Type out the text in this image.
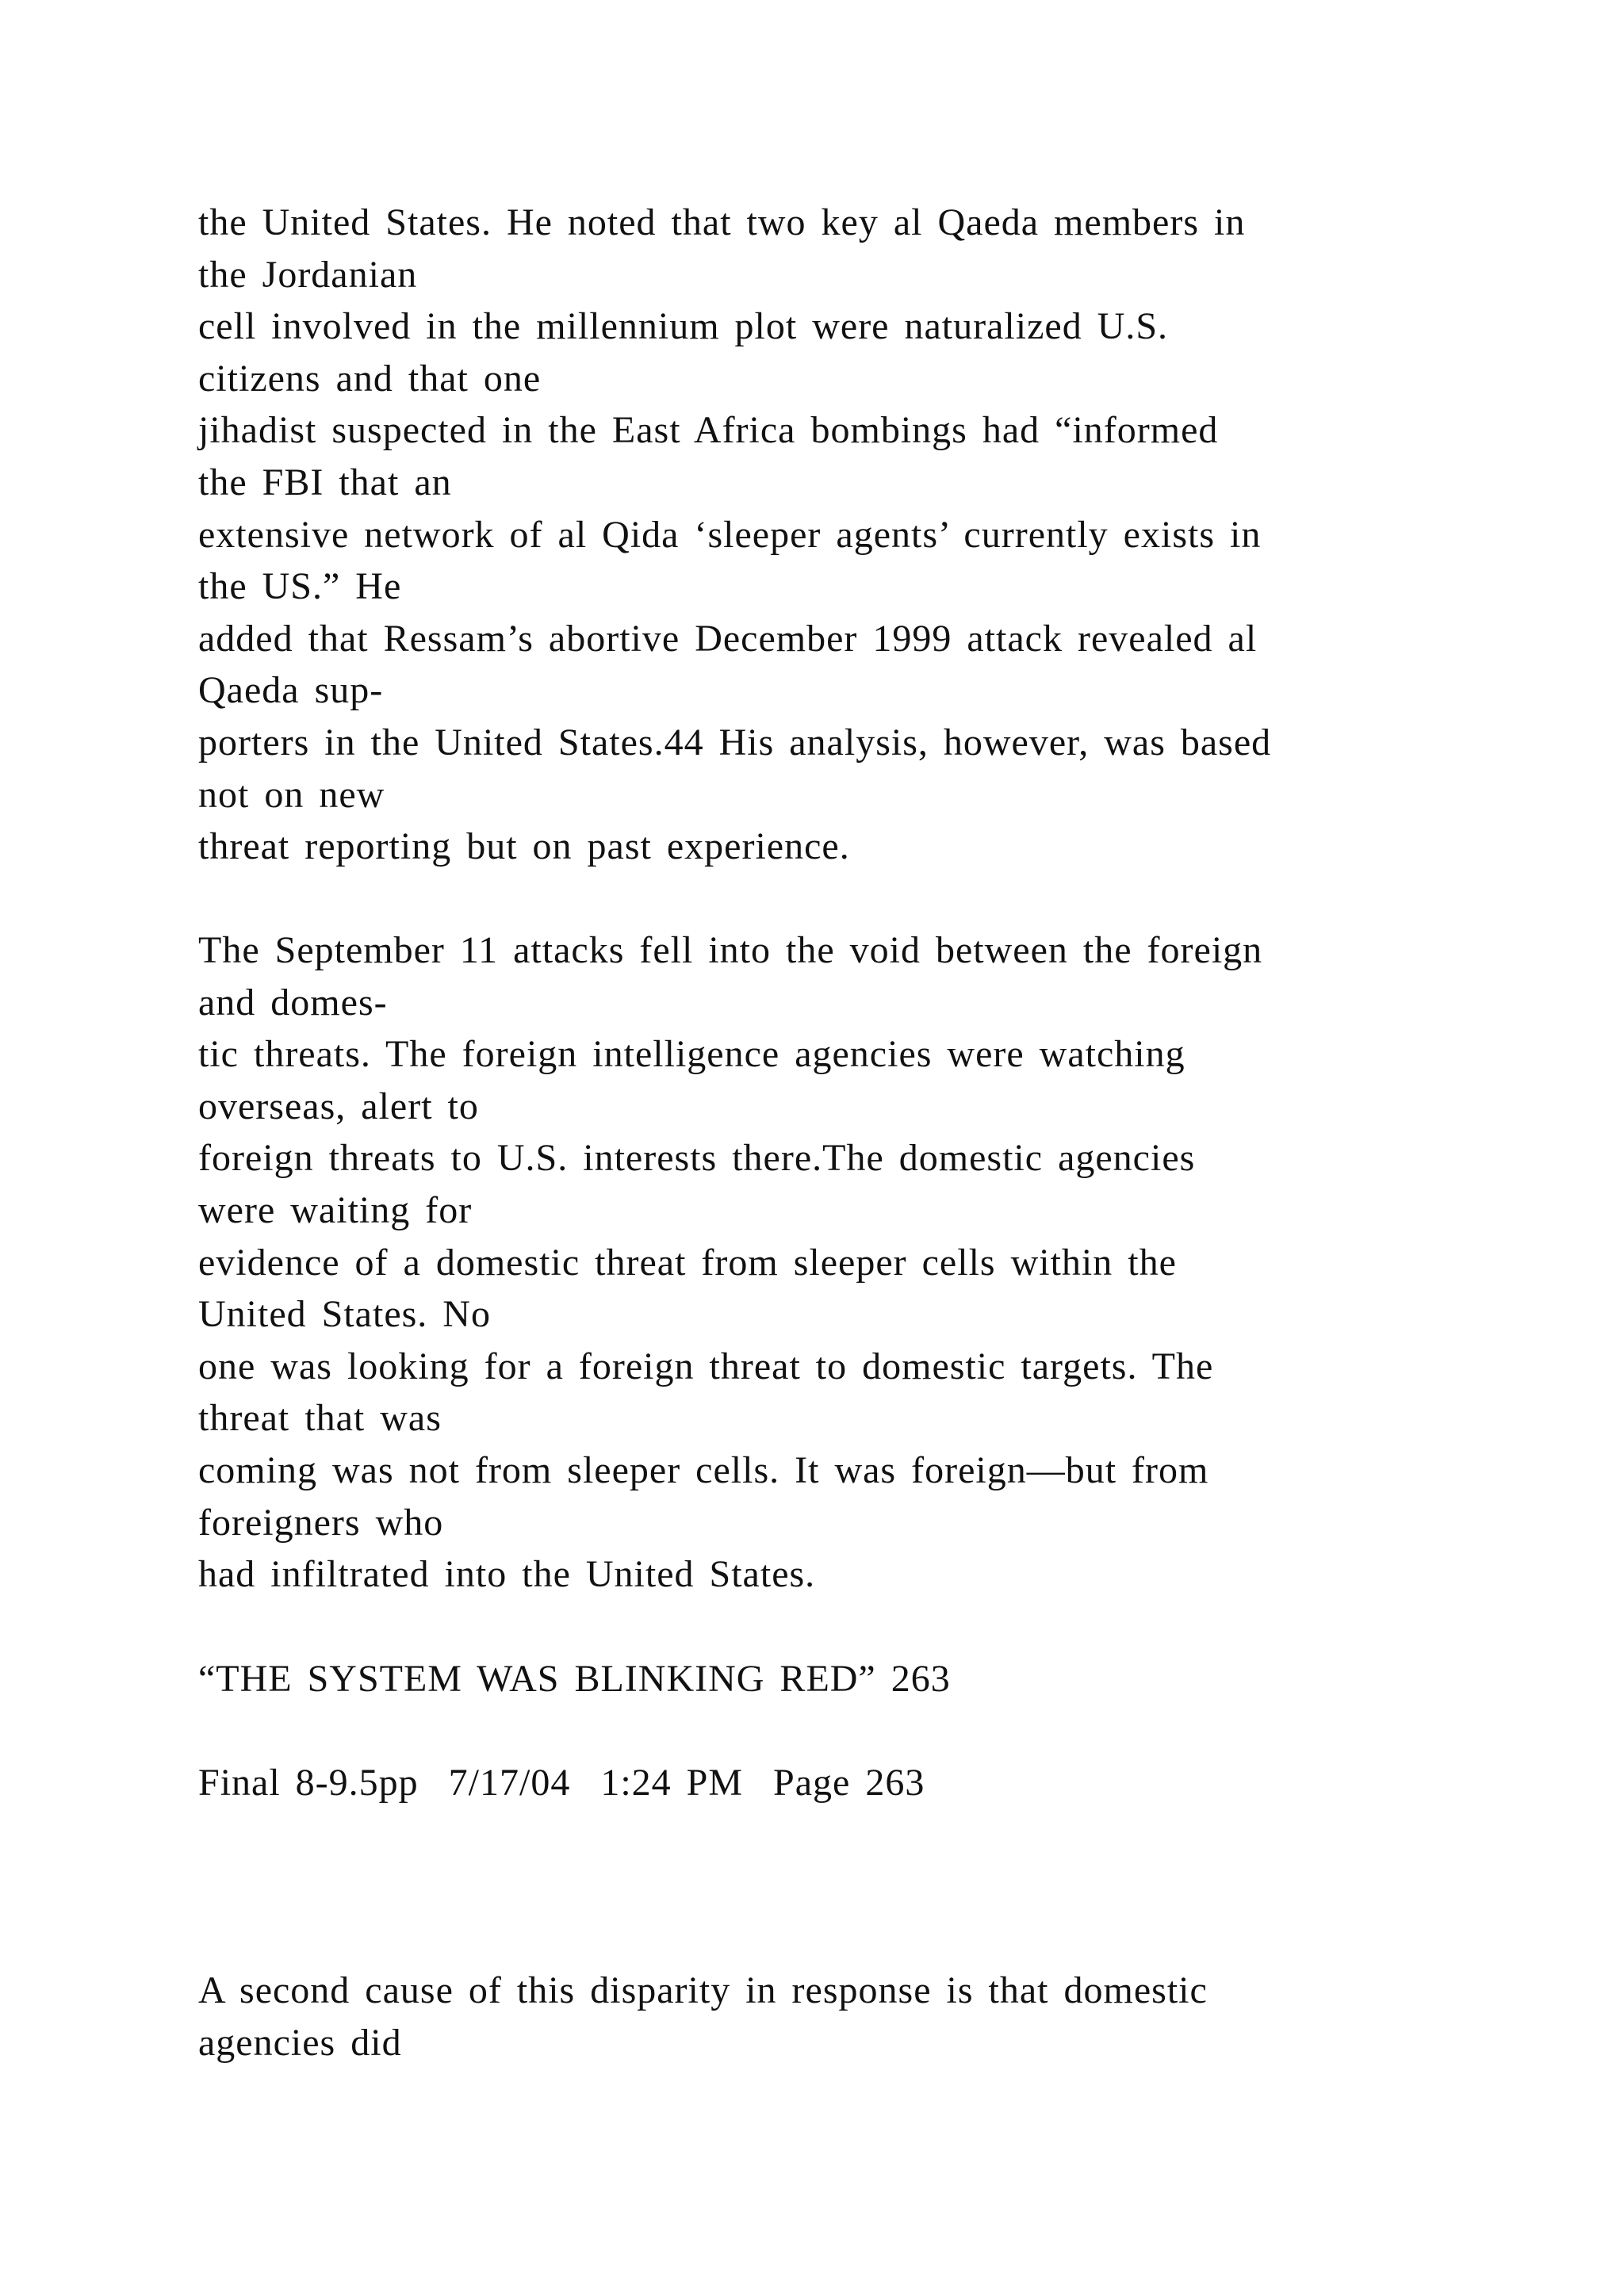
the United States. He noted that two key al Qaeda members in
the Jordanian
cell involved in the millennium plot were naturalized U.S.
citizens and that one
jihadist suspected in the East Africa bombings had “informed
the FBI that an
extensive network of al Qida ‘sleeper agents’ currently exists in
the US.” He
added that Ressam’s abortive December 1999 attack revealed al
Qaeda sup-
porters in the United States.44 His analysis, however, was based
not on new
threat reporting but on past experience.
The September 11 attacks fell into the void between the foreign
and domes-
tic threats. The foreign intelligence agencies were watching
overseas, alert to
foreign threats to U.S. interests there.The domestic agencies
were waiting for
evidence of a domestic threat from sleeper cells within the
United States. No
one was looking for a foreign threat to domestic targets. The
threat that was
coming was not from sleeper cells. It was foreign—but from
foreigners who
had infiltrated into the United States.
“THE SYSTEM WAS BLINKING RED” 263
Final 8-9.5pp  7/17/04  1:24 PM  Page 263
A second cause of this disparity in response is that domestic
agencies did
